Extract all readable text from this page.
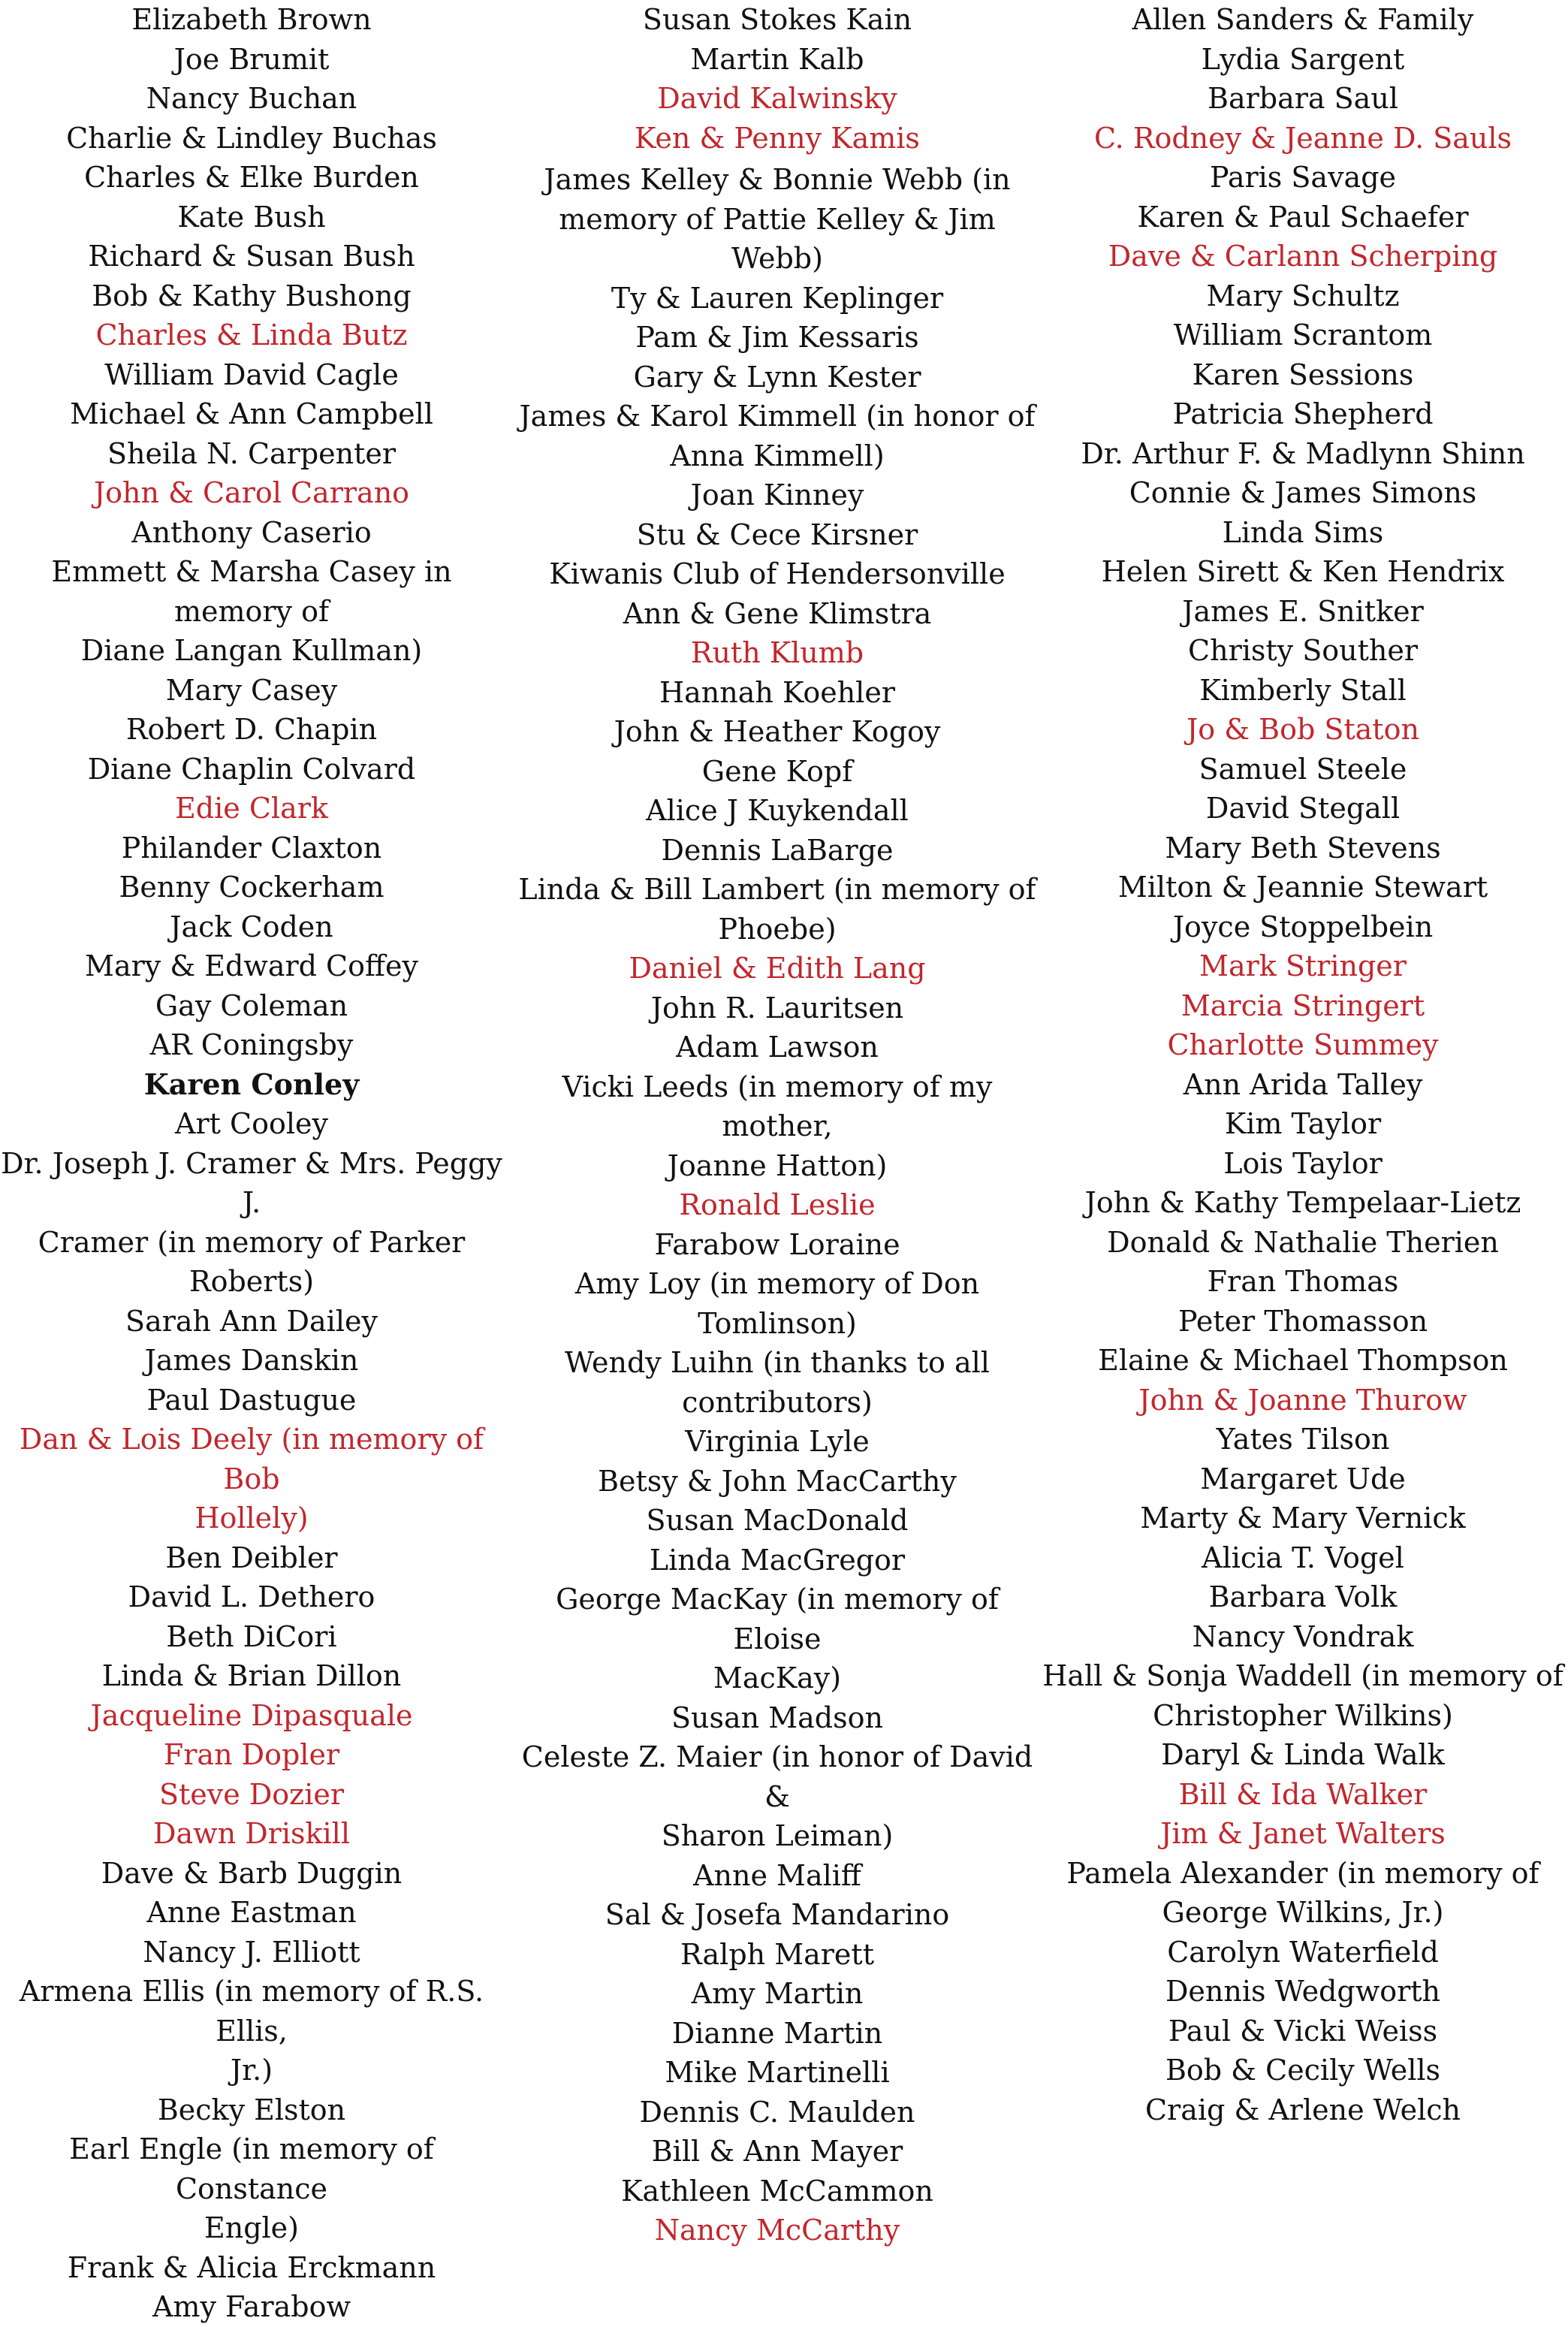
Elizabeth Brown
Joe Brumit
Nancy Buchan
Charlie & Lindley Buchas
Charles & Elke Burden
Kate Bush
Richard & Susan Bush
Bob & Kathy Bushong
Charles & Linda Butz
William David Cagle
Michael & Ann Campbell
Sheila N. Carpenter
John & Carol Carrano
Anthony Caserio
Emmett & Marsha Casey in memory of
Diane Langan Kullman)
Mary Casey
Robert D. Chapin
Diane Chaplin Colvard
Edie Clark
Philander Claxton
Benny Cockerham
Jack Coden
Mary & Edward Coffey
Gay Coleman
AR Coningsby
Karen Conley
Art Cooley
Dr. Joseph J. Cramer & Mrs. Peggy J.
Cramer (in memory of Parker
Roberts)
Sarah Ann Dailey
James Danskin
Paul Dastugue
Dan & Lois Deely (in memory of Bob
Hollely)
Ben Deibler
David L. Dethero
Beth DiCori
Linda & Brian Dillon
Jacqueline Dipasquale
Fran Dopler
Steve Dozier
Dawn Driskill
Dave & Barb Duggin
Anne Eastman
Nancy J. Elliott
Armena Ellis (in memory of R.S. Ellis,
Jr.)
Becky Elston
Earl Engle (in memory of Constance
Engle)
Frank & Alicia Erckmann
Amy Farabow
Susan Stokes Kain
Martin Kalb
David Kalwinsky
Ken & Penny Kamis
James Kelley & Bonnie Webb (in
memory of Pattie Kelley & Jim Webb)
Ty & Lauren Keplinger
Pam & Jim Kessaris
Gary & Lynn Kester
James & Karol Kimmell (in honor of
Anna Kimmell)
Joan Kinney
Stu & Cece Kirsner
Kiwanis Club of Hendersonville
Ann & Gene Klimstra
Ruth Klumb
Hannah Koehler
John & Heather Kogoy
Gene Kopf
Alice J Kuykendall
Dennis LaBarge
Linda & Bill Lambert (in memory of
Phoebe)
Daniel & Edith Lang
John R. Lauritsen
Adam Lawson
Vicki Leeds (in memory of my mother,
Joanne Hatton)
Ronald Leslie
Farabow Loraine
Amy Loy (in memory of Don
Tomlinson)
Wendy Luihn (in thanks to all
contributors)
Virginia Lyle
Betsy & John MacCarthy
Susan MacDonald
Linda MacGregor
George MacKay (in memory of Eloise
MacKay)
Susan Madson
Celeste Z. Maier (in honor of David &
Sharon Leiman)
Anne Maliff
Sal & Josefa Mandarino
Ralph Marett
Amy Martin
Dianne Martin
Mike Martinelli
Dennis C. Maulden
Bill & Ann Mayer
Kathleen McCammon
Nancy McCarthy
Allen Sanders & Family
Lydia Sargent
Barbara Saul
C. Rodney & Jeanne D. Sauls
Paris Savage
Karen & Paul Schaefer
Dave & Carlann Scherping
Mary Schultz
William Scrantom
Karen Sessions
Patricia Shepherd
Dr. Arthur F. & Madlynn Shinn
Connie & James Simons
Linda Sims
Helen Sirett & Ken Hendrix
James E. Snitker
Christy Souther
Kimberly Stall
Jo & Bob Staton
Samuel Steele
David Stegall
Mary Beth Stevens
Milton & Jeannie Stewart
Joyce Stoppelbein
Mark Stringer
Marcia Stringert
Charlotte Summey
Ann Arida Talley
Kim Taylor
Lois Taylor
John & Kathy Tempelaar-Lietz
Donald & Nathalie Therien
Fran Thomas
Peter Thomasson
Elaine & Michael Thompson
John & Joanne Thurow
Yates Tilson
Margaret Ude
Marty & Mary Vernick
Alicia T. Vogel
Barbara Volk
Nancy Vondrak
Hall & Sonja Waddell (in memory of
Christopher Wilkins)
Daryl & Linda Walk
Bill & Ida Walker
Jim & Janet Walters
Pamela Alexander (in memory of
George Wilkins, Jr.)
Carolyn Waterfield
Dennis Wedgworth
Paul & Vicki Weiss
Bob & Cecily Wells
Craig & Arlene Welch
